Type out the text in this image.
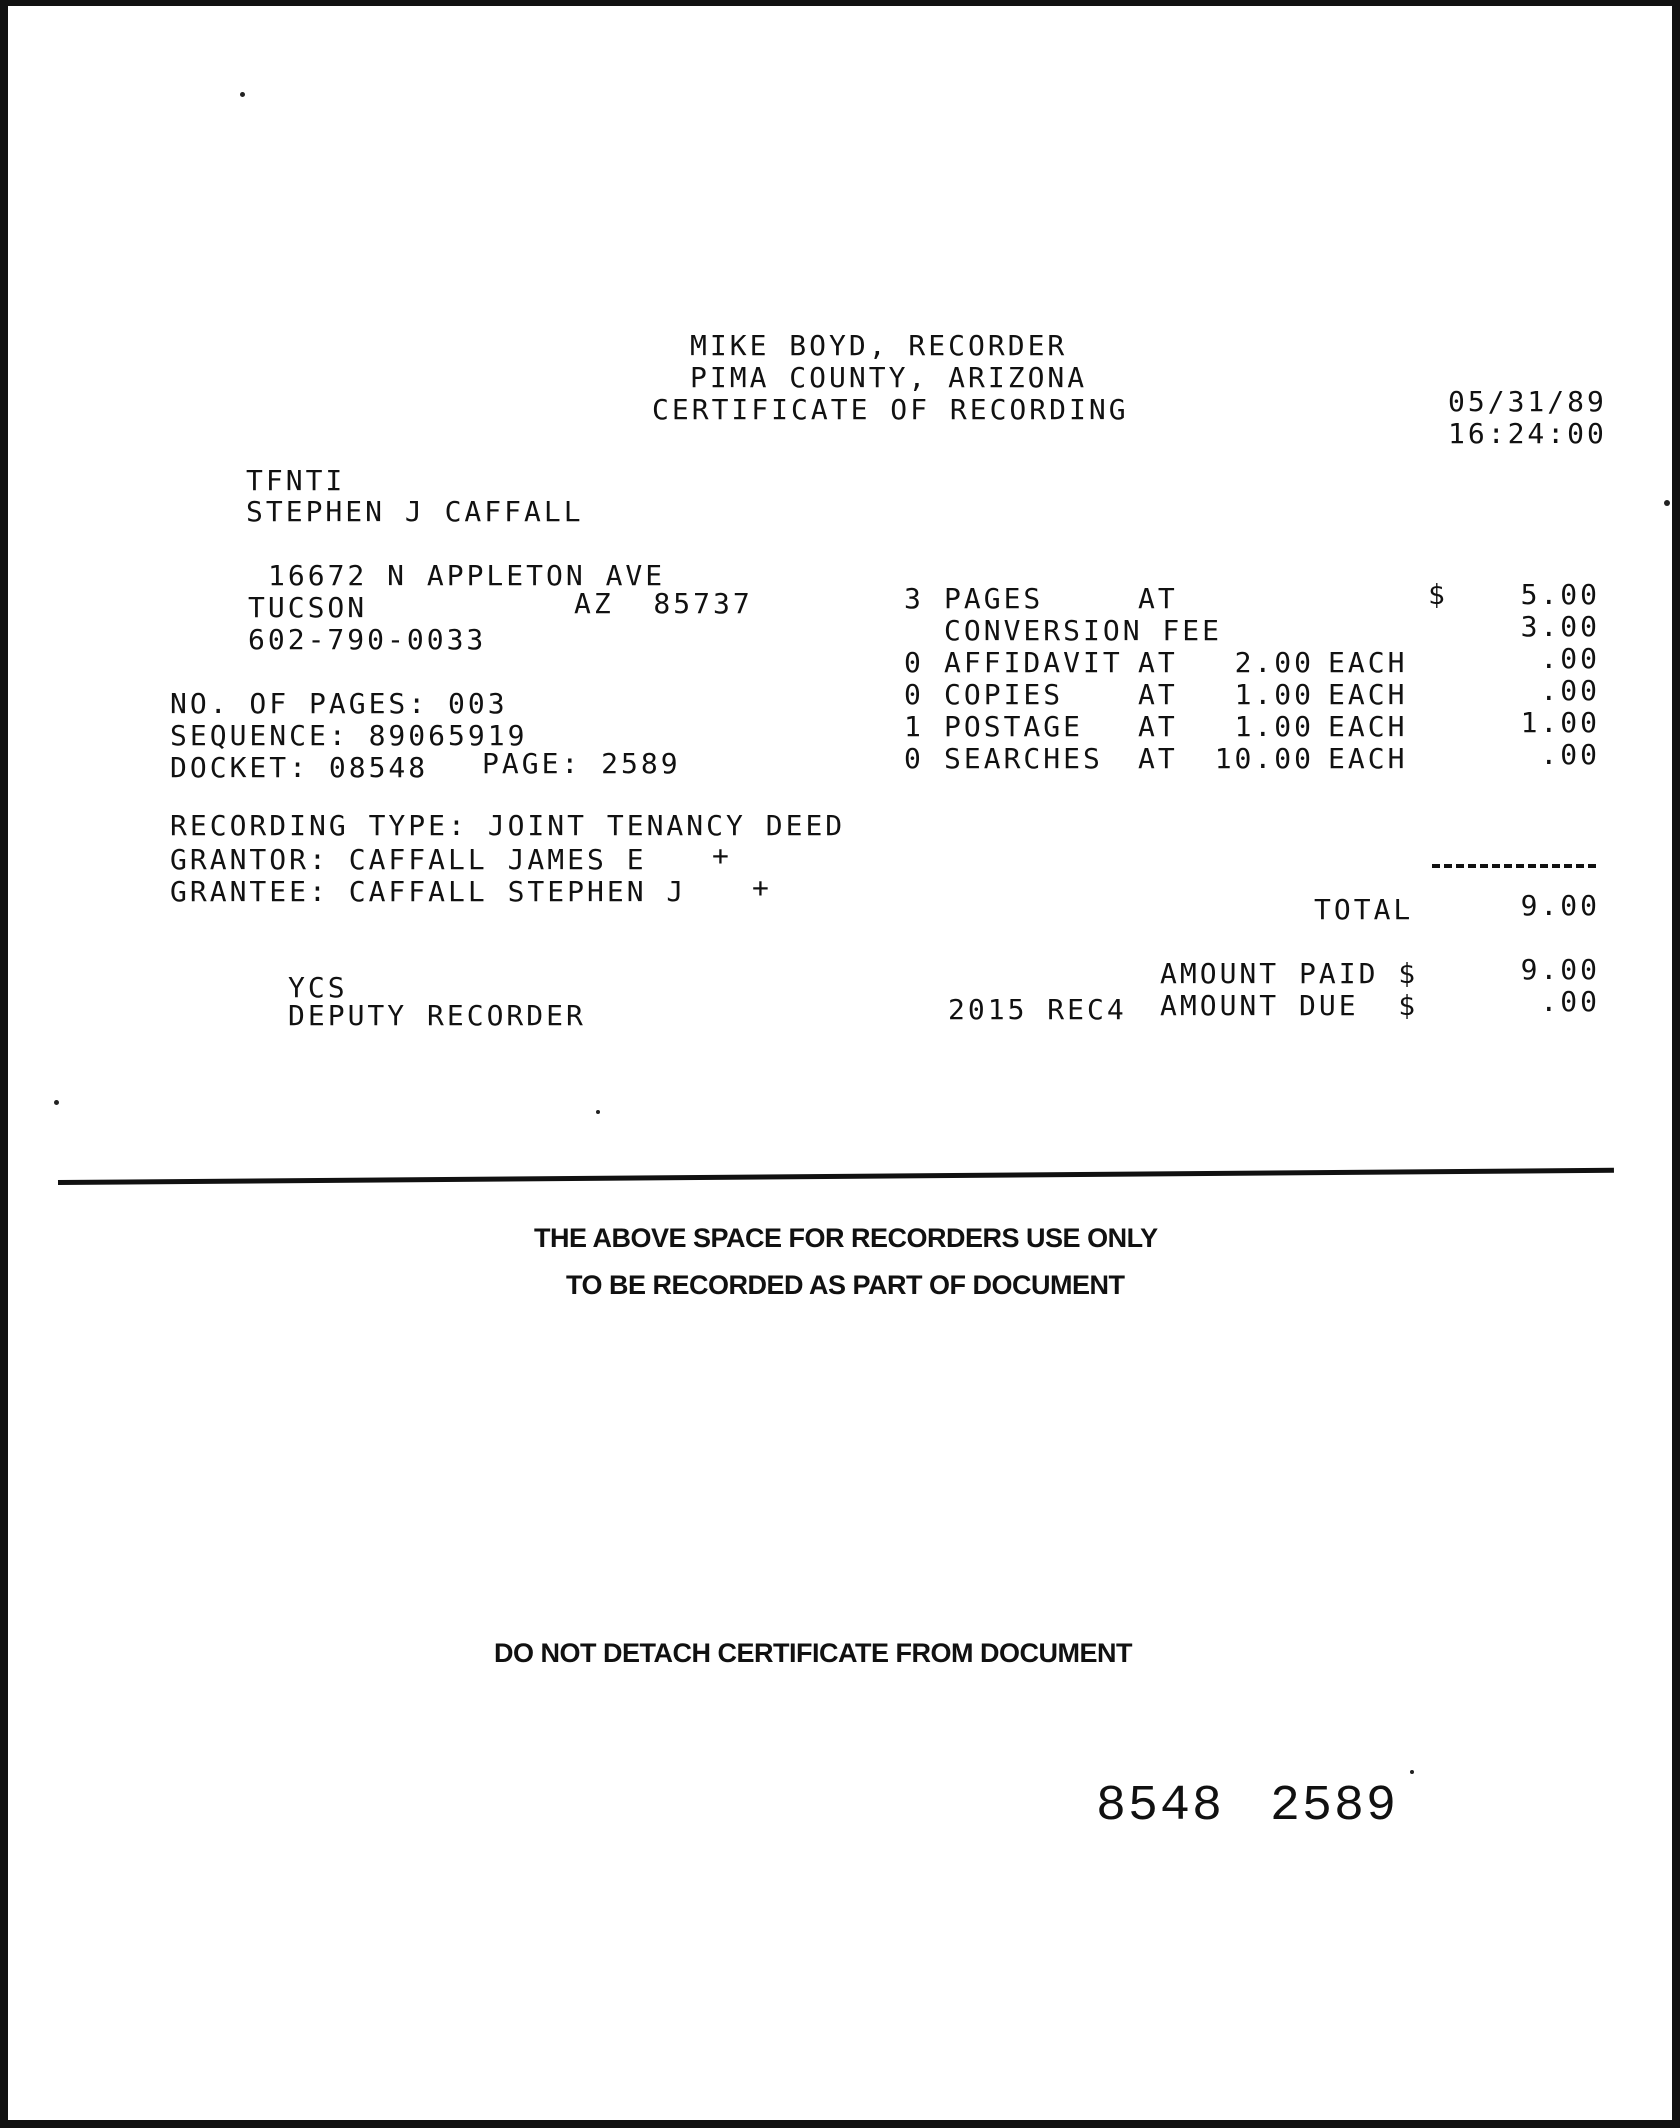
MIKE BOYD, RECORDER
PIMA COUNTY, ARIZONA
CERTIFICATE OF RECORDING	05/31/89
16:24:00
TFNTI
STEPHEN J CAFFALL
16672 N APPLETON AVE
TUCSON	AZ  85737
602-790-0033
NO. OF PAGES: 003
SEQUENCE: 89065919
DOCKET: 08548 PAGE: 2589
RECORDING TYPE: JOINT TENANCY DEED
GRANTOR: CAFFALL JAMES E +
GRANTEE: CAFFALL STEPHEN J +
3 PAGES	AT	$	5.00
CONVERSION FEE	3.00
0 AFFIDAVIT AT	2.00 EACH	.00
0 COPIES	AT	1.00 EACH	.00
1 POSTAGE AT	1.00 EACH	1.00
0 SEARCHES AT	10.00 EACH	.00
TOTAL	9.00
AMOUNT PAID $	9.00
2015 REC4 AMOUNT DUE  $	.00
YCS
DEPUTY RECORDER
THE ABOVE SPACE FOR RECORDERS USE ONLY
TO BE RECORDED AS PART OF DOCUMENT
DO NOT DETACH CERTIFICATE FROM DOCUMENT
8548 2589
